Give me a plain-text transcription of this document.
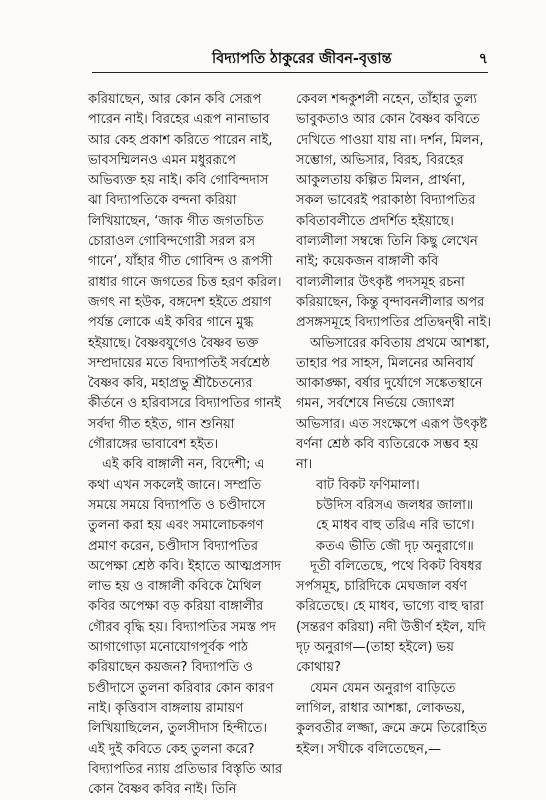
বিদ্যাপতি ঠাকুরের জীবন-বৃত্তান্ত	৭

করিয়াছেন, আর কোন কবি সেরূপ পারেন নাই। বিরহের এরূপ নানাভাব আর কেহ প্রকাশ করিতে পারেন নাই, ভাবসম্মিলনও এমন মধুররূপে অভিব্যক্ত হয় নাই। কবি গোবিন্দদাস ঝা বিদ্যাপতিকে বন্দনা করিয়া লিখিয়াছেন, ‘জাক গীত জগতচিত চোরাওল গোবিন্দগোরী সরল রস গানে’, যাঁহার গীত গোবিন্দ ও রূপসী রাধার গানে জগতের চিত্ত হরণ করিল। জগৎ না হউক, বঙ্গদেশ হইতে প্রয়াগ পর্যন্ত লোকে এই কবির গানে মুগ্ধ হইয়াছে। বৈষ্ণবযুগেও বৈষ্ণব ভক্ত সম্প্রদায়ের মতে বিদ্যাপতিই সর্বশ্রেষ্ঠ বৈষ্ণব কবি, মহাপ্রভু শ্রীচৈতন্যের কীর্তনে ও হরিবাসরে বিদ্যাপতির গানই সর্বদা গীত হইত, গান শুনিয়া গৌরাঙ্গের ভাবাবেশ হইত।

এই কবি বাঙ্গালী নন, বিদেশী; এ কথা এখন সকলেই জানে। সম্প্রতি সময়ে সময়ে বিদ্যাপতি ও চণ্ডীদাসে তুলনা করা হয় এবং সমালোচকগণ প্রমাণ করেন, চণ্ডীদাস বিদ্যাপতির অপেক্ষা শ্রেষ্ঠ কবি। ইহাতে আত্মপ্রসাদ লাভ হয় ও বাঙ্গালী কবিকে মৈথিল কবির অপেক্ষা বড় করিয়া বাঙ্গালীর গৌরব বৃদ্ধি হয়। বিদ্যাপতির সমস্ত পদ আগাগোড়া মনোযোগপূর্বক পাঠ করিয়াছেন কয়জন? বিদ্যাপতি ও চণ্ডীদাসে তুলনা করিবার কোন কারণ নাই। কৃত্তিবাস বাঙ্গলায় রামায়ণ লিখিয়াছিলেন, তুলসীদাস হিন্দীতে। এই দুই কবিতে কেহ তুলনা করে? বিদ্যাপতির ন্যায় প্রতিভার বিস্তৃতি আর কোন বৈষ্ণব কবির নাই। তিনি

কেবল শব্দকুশলী নহেন, তাঁহার তুল্য ভাবুকতাও আর কোন বৈষ্ণব কবিতে দেখিতে পাওয়া যায় না। দর্শন, মিলন, সম্ভোগ, অভিসার, বিরহ, বিরহের আকুলতায় কল্পিত মিলন, প্রার্থনা, সকল ভাবেরই পরাকাষ্ঠা বিদ্যাপতির কবিতাবলীতে প্রদর্শিত হইয়াছে। বাল্যলীলা সম্বন্ধে তিনি কিছু লেখেন নাই; কয়েকজন বাঙ্গালী কবি বাল্যলীলার উৎকৃষ্ট পদসমূহ রচনা করিয়াছেন, কিন্তু বৃন্দাবনলীলার অপর প্রসঙ্গসমূহে বিদ্যাপতির প্রতিদ্বন্দ্বী নাই।

অভিসারের কবিতায় প্রথমে আশঙ্কা, তাহার পর সাহস, মিলনের অনিবার্য আকাঙ্ক্ষা, বর্ষার দুর্যোগে সঙ্কেতস্থানে গমন, সর্বশেষে নির্ভয়ে জ্যোৎস্না অভিসার। এত সংক্ষেপে এরূপ উৎকৃষ্ট বর্ণনা শ্রেষ্ঠ কবি ব্যতিরেকে সম্ভব হয় না।

বাট বিকট ফণিমালা।

চউদিস বরিসএ জলধর জালা॥

হে মাধব বাহু তরিএ নরি ভাগে।

কতএ ভীতি জৌ দৃঢ় অনুরাগে॥

দূতী বলিতেছে, পথে বিকট বিষধর সর্পসমূহ, চারিদিকে মেঘজাল বর্ষণ করিতেছে। হে মাধব, ভাগ্যে বাহু দ্বারা (সন্তরণ করিয়া) নদী উত্তীর্ণ হইল, যদি দৃঢ় অনুরাগ—(তাহা হইলে) ভয় কোথায়?

যেমন যেমন অনুরাগ বাড়িতে লাগিল, রাধার আশঙ্কা, লোকভয়, কুলবতীর লজ্জা, ক্রমে ক্রমে তিরোহিত হইল। সখীকে বলিতেছেন,—
